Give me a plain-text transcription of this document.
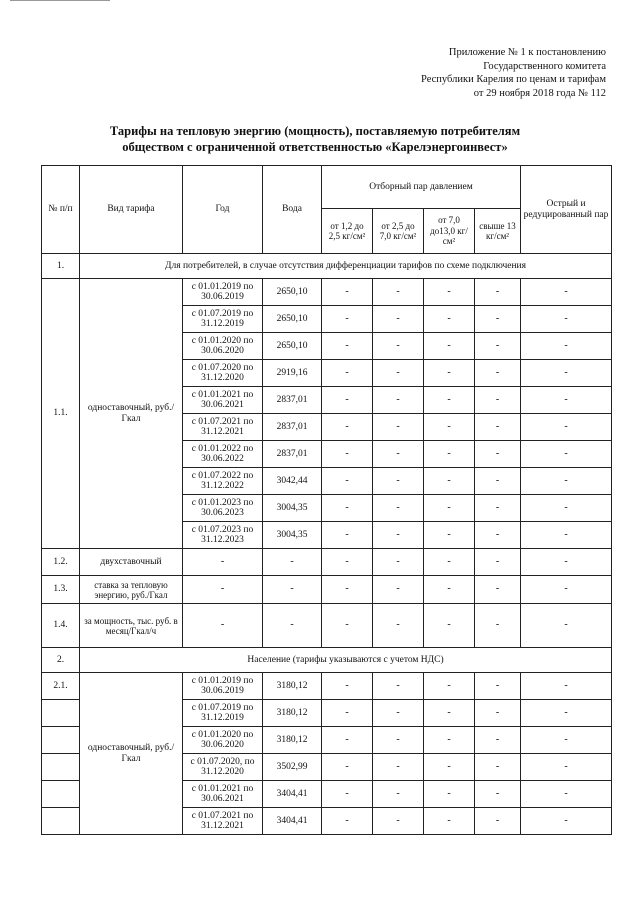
Приложение № 1 к постановлению
Государственного комитета
Республики Карелия по ценам и тарифам
от 29 ноября 2018 года № 112
Тарифы на тепловую энергию (мощность), поставляемую потребителям
обществом с ограниченной ответственностью «Карелэнергоинвест»
№ п/п	Вид тарифа	Год	Вода	Отборный пар давлением				Острый и редуцированный пар
				от 1,2 до 2,5 кг/см²	от 2,5 до 7,0 кг/см²	от 7,0 до13,0 кг/см²	свыше 13 кг/см²	
1.	Для потребителей, в случае отсутствия дифференциации тарифов по схеме подключения							
1.1.	одноставочный, руб./Гкал	с 01.01.2019 по 30.06.2019	2650,10	-	-	-	-	-
		с 01.07.2019 по 31.12.2019	2650,10	-	-	-	-	-
		с 01.01.2020 по 30.06.2020	2650,10	-	-	-	-	-
		с 01.07.2020 по 31.12.2020	2919,16	-	-	-	-	-
		с 01.01.2021 по 30.06.2021	2837,01	-	-	-	-	-
		с 01.07.2021 по 31.12.2021	2837,01	-	-	-	-	-
		с 01.01.2022 по 30.06.2022	2837,01	-	-	-	-	-
		с 01.07.2022 по 31.12.2022	3042,44	-	-	-	-	-
		с 01.01.2023 по 30.06.2023	3004,35	-	-	-	-	-
		с 01.07.2023 по 31.12.2023	3004,35	-	-	-	-	-
1.2.	двухставочный	-	-	-	-	-	-	-
1.3.	ставка за тепловую энергию, руб./Гкал	-	-	-	-	-	-	-
1.4.	за мощность, тыс. руб. в месяц/Гкал/ч	-	-	-	-	-	-	-
2.	Население (тарифы указываются с учетом НДС)							
2.1.	одноставочный, руб./Гкал	с 01.01.2019 по 30.06.2019	3180,12	-	-	-	-	-
		с 01.07.2019 по 31.12.2019	3180,12	-	-	-	-	-
		с 01.01.2020 по 30.06.2020	3180,12	-	-	-	-	-
		с 01.07.2020, по 31.12.2020	3502,99	-	-	-	-	-
		с 01.01.2021 по 30.06.2021	3404,41	-	-	-	-	-
		с 01.07.2021 по 31.12.2021	3404,41	-	-	-	-	-
